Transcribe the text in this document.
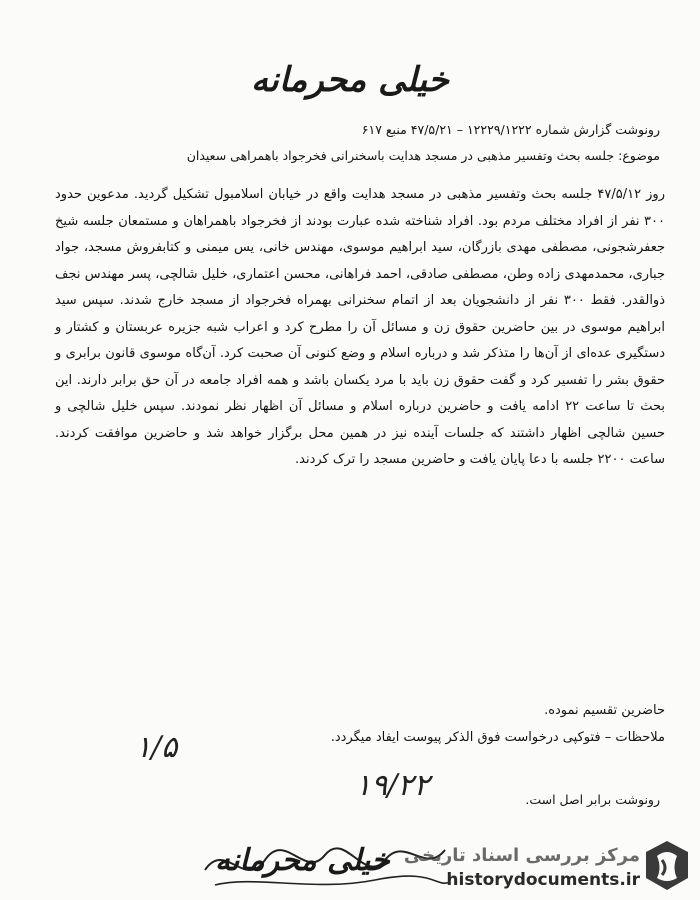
خیلی محرمانه
رونوشت گزارش شماره ۱۲۲۲۹/۱۲۲۲ – ۴۷/۵/۲۱ منبع ۶۱۷
موضوع: جلسه بحث وتفسیر مذهبی در مسجد هدایت باسخنرانی فخرجواد باهمراهی سعیدان

روز ۴۷/۵/۱۲ جلسه بحث وتفسیر مذهبی در مسجد هدایت واقع در خیابان اسلامبول تشکیل گردید. مدعوین حدود ۳۰۰ نفر از افراد مختلف مردم بود. افراد شناخته شده عبارت بودند از فخرجواد باهمراهان و مستمعان جلسه شیخ جعفرشجونی، مصطفی مهدی بازرگان، سید ابراهیم موسوی، مهندس خانی، یس میمنی و کتابفروش مسجد، جواد جباری، محمدمهدی زاده وطن، مصطفی صادقی، احمد فراهانی، محسن اعتماری، خلیل شالچی، پسر مهندس نجف ذوالقدر. فقط ۳۰۰ نفر از دانشجویان بعد از اتمام سخنرانی بهمراه فخرجواد از مسجد خارج شدند. سپس سید ابراهیم موسوی در بین حاضرین حقوق زن و مسائل آن را مطرح کرد و اعراب شبه جزیره عربستان و کشتار و دستگیری عده‌ای از آن‌ها را متذکر شد و درباره اسلام و وضع کنونی آن صحبت کرد. آن‌گاه موسوی قانون برابری و حقوق بشر را تفسیر کرد و گفت حقوق زن باید با مرد یکسان باشد و همه افراد جامعه در آن حق برابر دارند. این بحث تا ساعت ۲۲ ادامه یافت و حاضرین درباره اسلام و مسائل آن اظهار نظر نمودند. سپس خلیل شالچی و حسین شالچی اظهار داشتند که جلسات آینده نیز در همین محل برگزار خواهد شد و حاضرین موافقت کردند. ساعت ۲۲۰۰ جلسه با دعا پایان یافت و حاضرین مسجد را ترک کردند.

حاضرین تقسیم نموده.
ملاحظات – فتوکپی درخواست فوق الذکر پیوست ایفاد میگردد.
۱/۵
۱۹/۲۲	رونوشت برابر اصل است.
خیلی محرمانه مرکز بررسی اسناد تاریخی
historydocuments.ir
